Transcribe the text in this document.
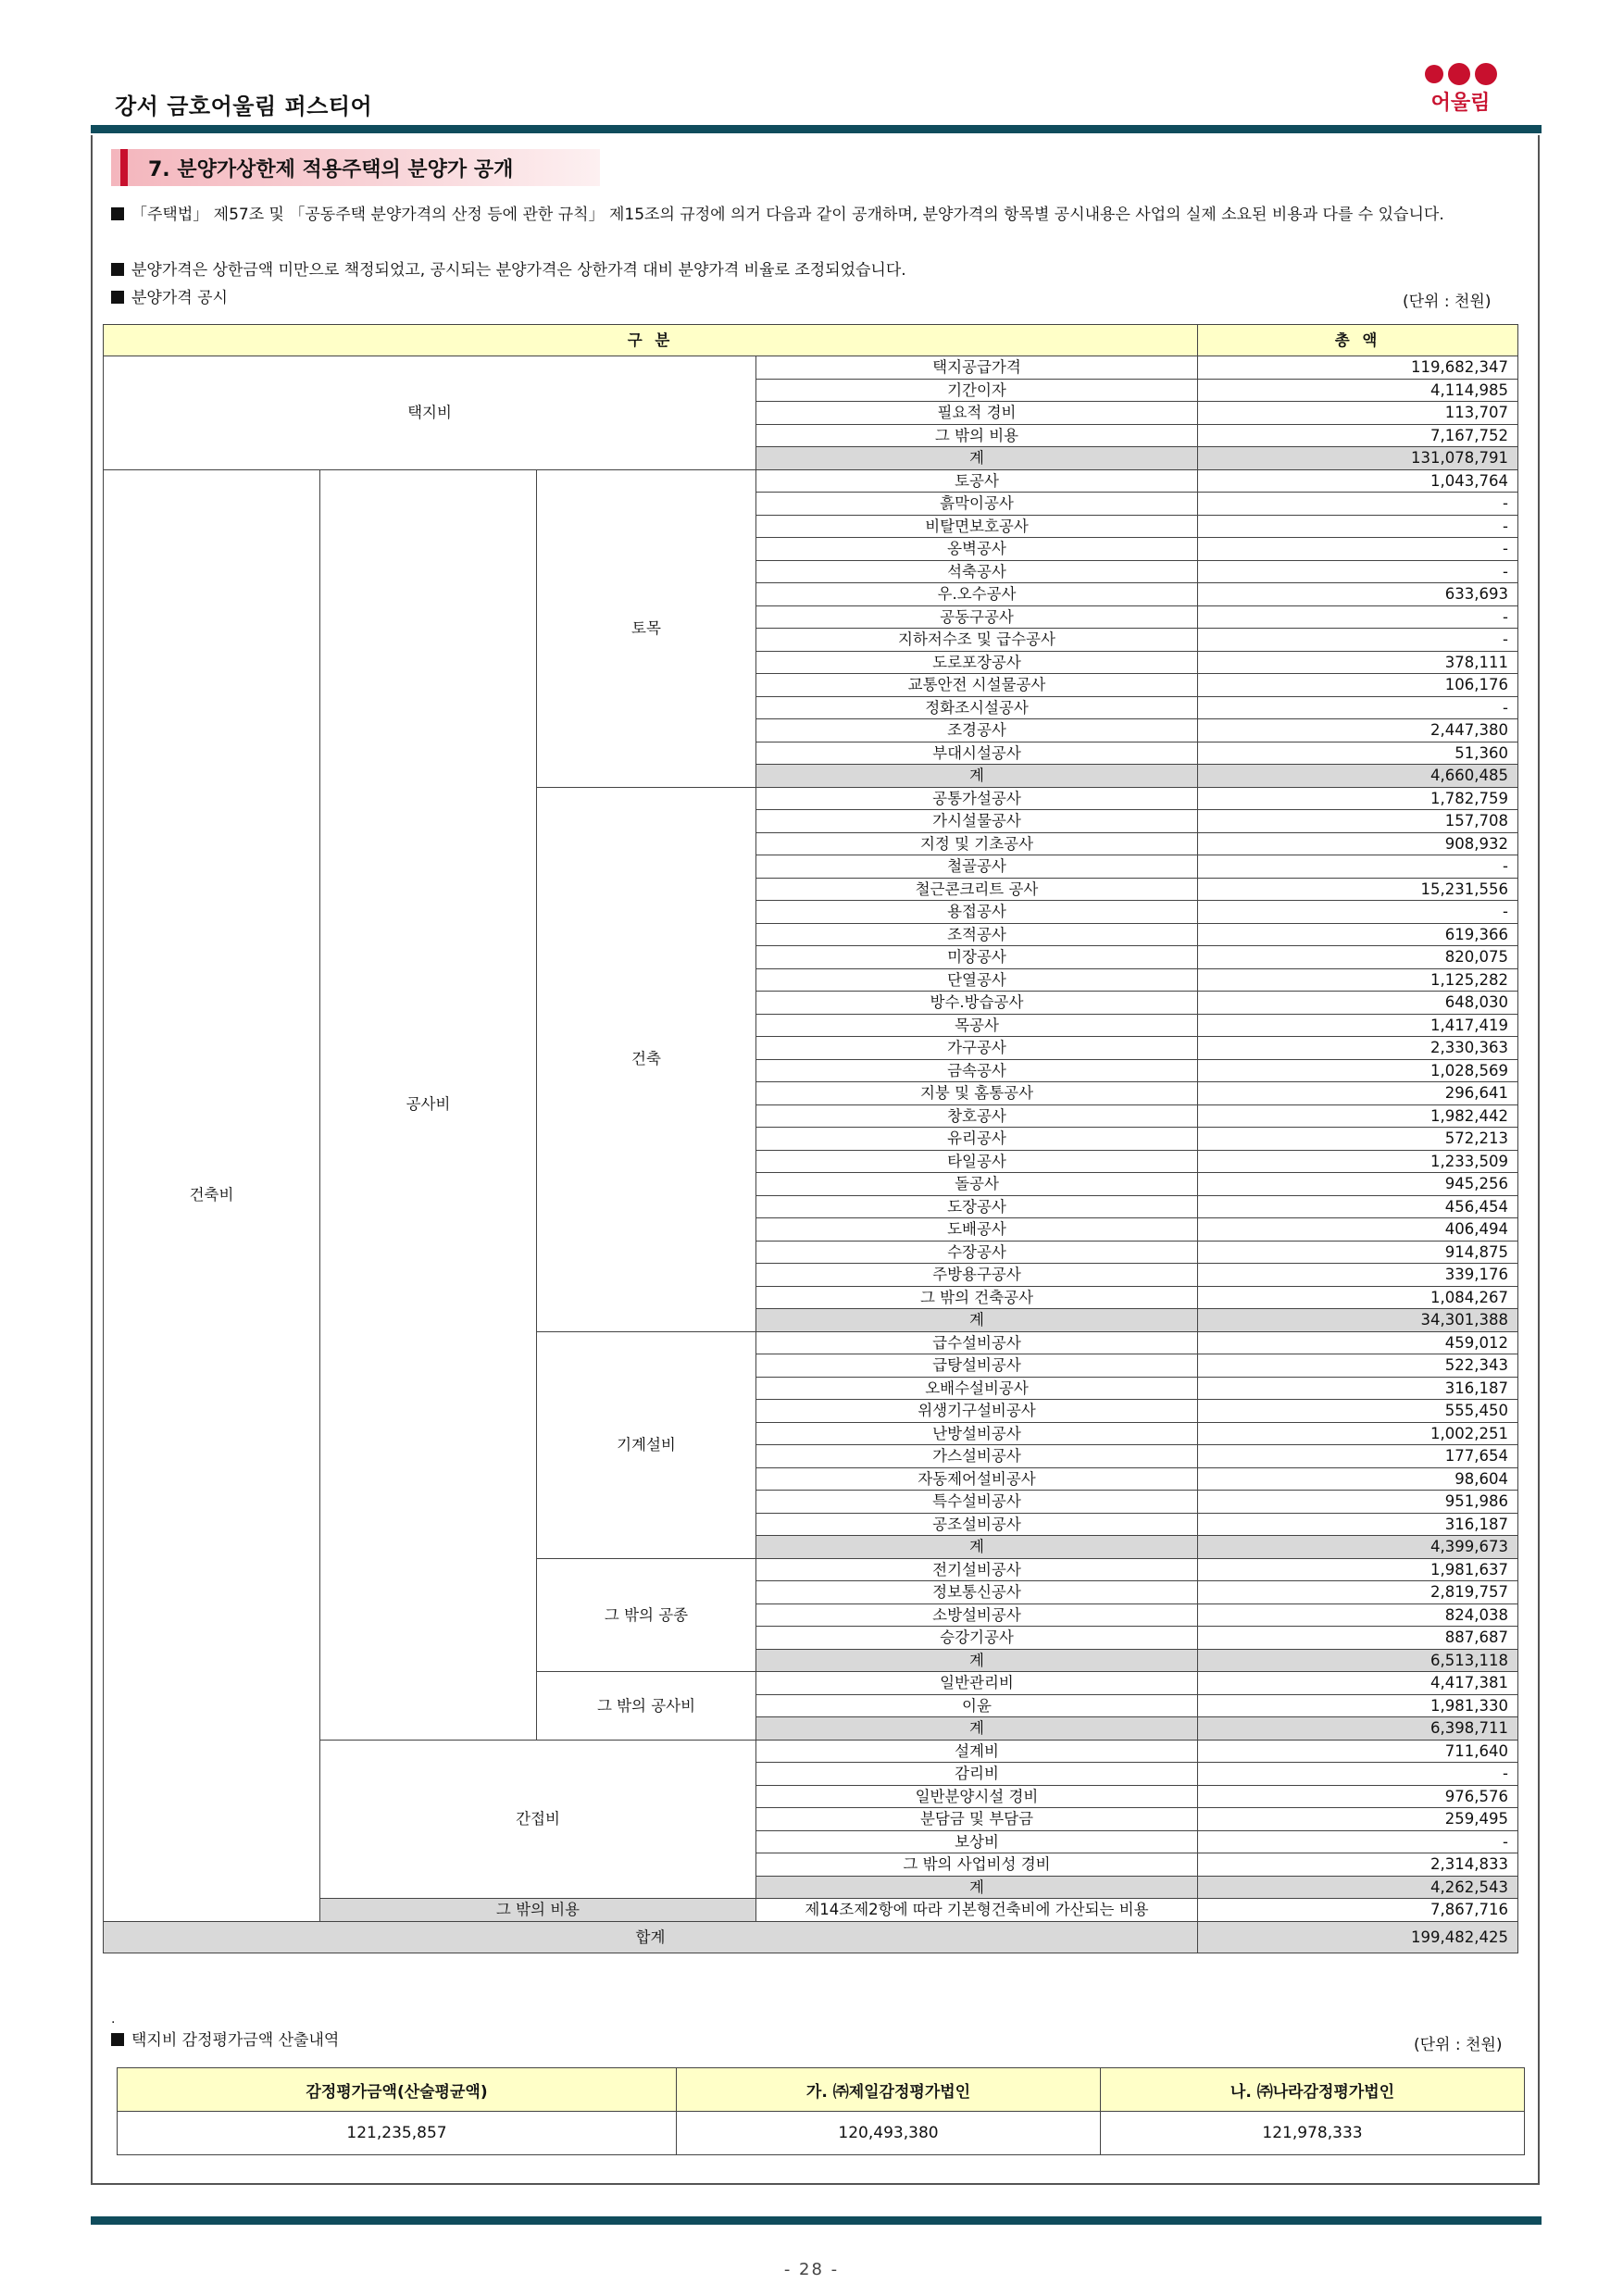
강서 금호어울림 퍼스티어	어울림
7. 분양가상한제 적용주택의 분양가 공개
「주택법」 제57조 및 「공동주택 분양가격의 산정 등에 관한 규칙」 제15조의 규정에 의거 다음과 같이 공개하며, 분양가격의 항목별 공시내용은 사업의 실제 소요된 비용과 다를 수 있습니다.
분양가격은 상한금액 미만으로 책정되었고, 공시되는 분양가격은 상한가격 대비 분양가격 비율로 조정되었습니다.
분양가격 공시	(단위 : 천원)
구 분				총 액
택지비			택지공급가격	119,682,347
			기간이자	4,114,985
			필요적 경비	113,707
			그 밖의 비용	7,167,752
			계	131,078,791
건축비	공사비	토목	토공사	1,043,764
			흙막이공사	-
			비탈면보호공사	-
			옹벽공사	-
			석축공사	-
			우.오수공사	633,693
			공동구공사	-
			지하저수조 및 급수공사	-
			도로포장공사	378,111
			교통안전 시설물공사	106,176
			정화조시설공사	-
			조경공사	2,447,380
			부대시설공사	51,360
			계	4,660,485
		건축	공통가설공사	1,782,759
			가시설물공사	157,708
			지정 및 기초공사	908,932
			철골공사	-
			철근콘크리트 공사	15,231,556
			용접공사	-
			조적공사	619,366
			미장공사	820,075
			단열공사	1,125,282
			방수.방습공사	648,030
			목공사	1,417,419
			가구공사	2,330,363
			금속공사	1,028,569
			지붕 및 홈통공사	296,641
			창호공사	1,982,442
			유리공사	572,213
			타일공사	1,233,509
			돌공사	945,256
			도장공사	456,454
			도배공사	406,494
			수장공사	914,875
			주방용구공사	339,176
			그 밖의 건축공사	1,084,267
			계	34,301,388
		기계설비	급수설비공사	459,012
			급탕설비공사	522,343
			오배수설비공사	316,187
			위생기구설비공사	555,450
			난방설비공사	1,002,251
			가스설비공사	177,654
			자동제어설비공사	98,604
			특수설비공사	951,986
			공조설비공사	316,187
			계	4,399,673
		그 밖의 공종	전기설비공사	1,981,637
			정보통신공사	2,819,757
			소방설비공사	824,038
			승강기공사	887,687
			계	6,513,118
		그 밖의 공사비	일반관리비	4,417,381
			이윤	1,981,330
			계	6,398,711
	간접비		설계비	711,640
			감리비	-
			일반분양시설 경비	976,576
			분담금 및 부담금	259,495
			보상비	-
			그 밖의 사업비성 경비	2,314,833
			계	4,262,543
	그 밖의 비용		제14조제2항에 따라 기본형건축비에 가산되는 비용	7,867,716
합계				199,482,425
.
택지비 감정평가금액 산출내역	(단위 : 천원)
감정평가금액(산술평균액)	가. ㈜제일감정평가법인	나. ㈜나라감정평가법인
121,235,857	120,493,380	121,978,333
- 28 -
